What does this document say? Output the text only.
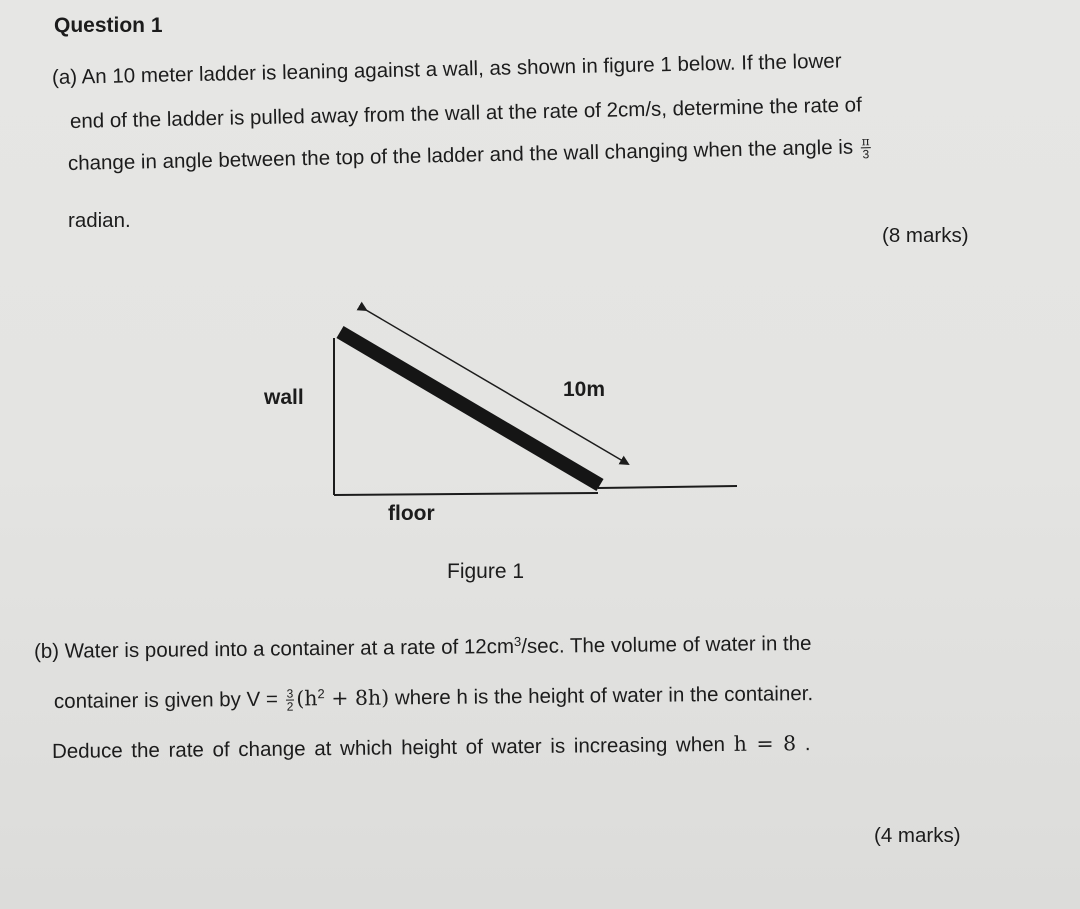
Question 1
(a) An 10 meter ladder is leaning against a wall, as shown in figure 1 below. If the lower
end of the ladder is pulled away from the wall at the rate of 2cm/s, determine the rate of
change in angle between the top of the ladder and the wall changing when the angle is $\frac{\pi}{3}$
radian.
(8 marks)
wall	10m
floor
Figure 1
(b) Water is poured into a container at a rate of $12cm^3/\sec$. The volume of water in the
container is given by $V = \frac{3}{2} (h^2 + 8h)$ where h is the height of water in the container.
Deduce the rate of change at which height of water is increasing when h = 8 .
(4 marks)
